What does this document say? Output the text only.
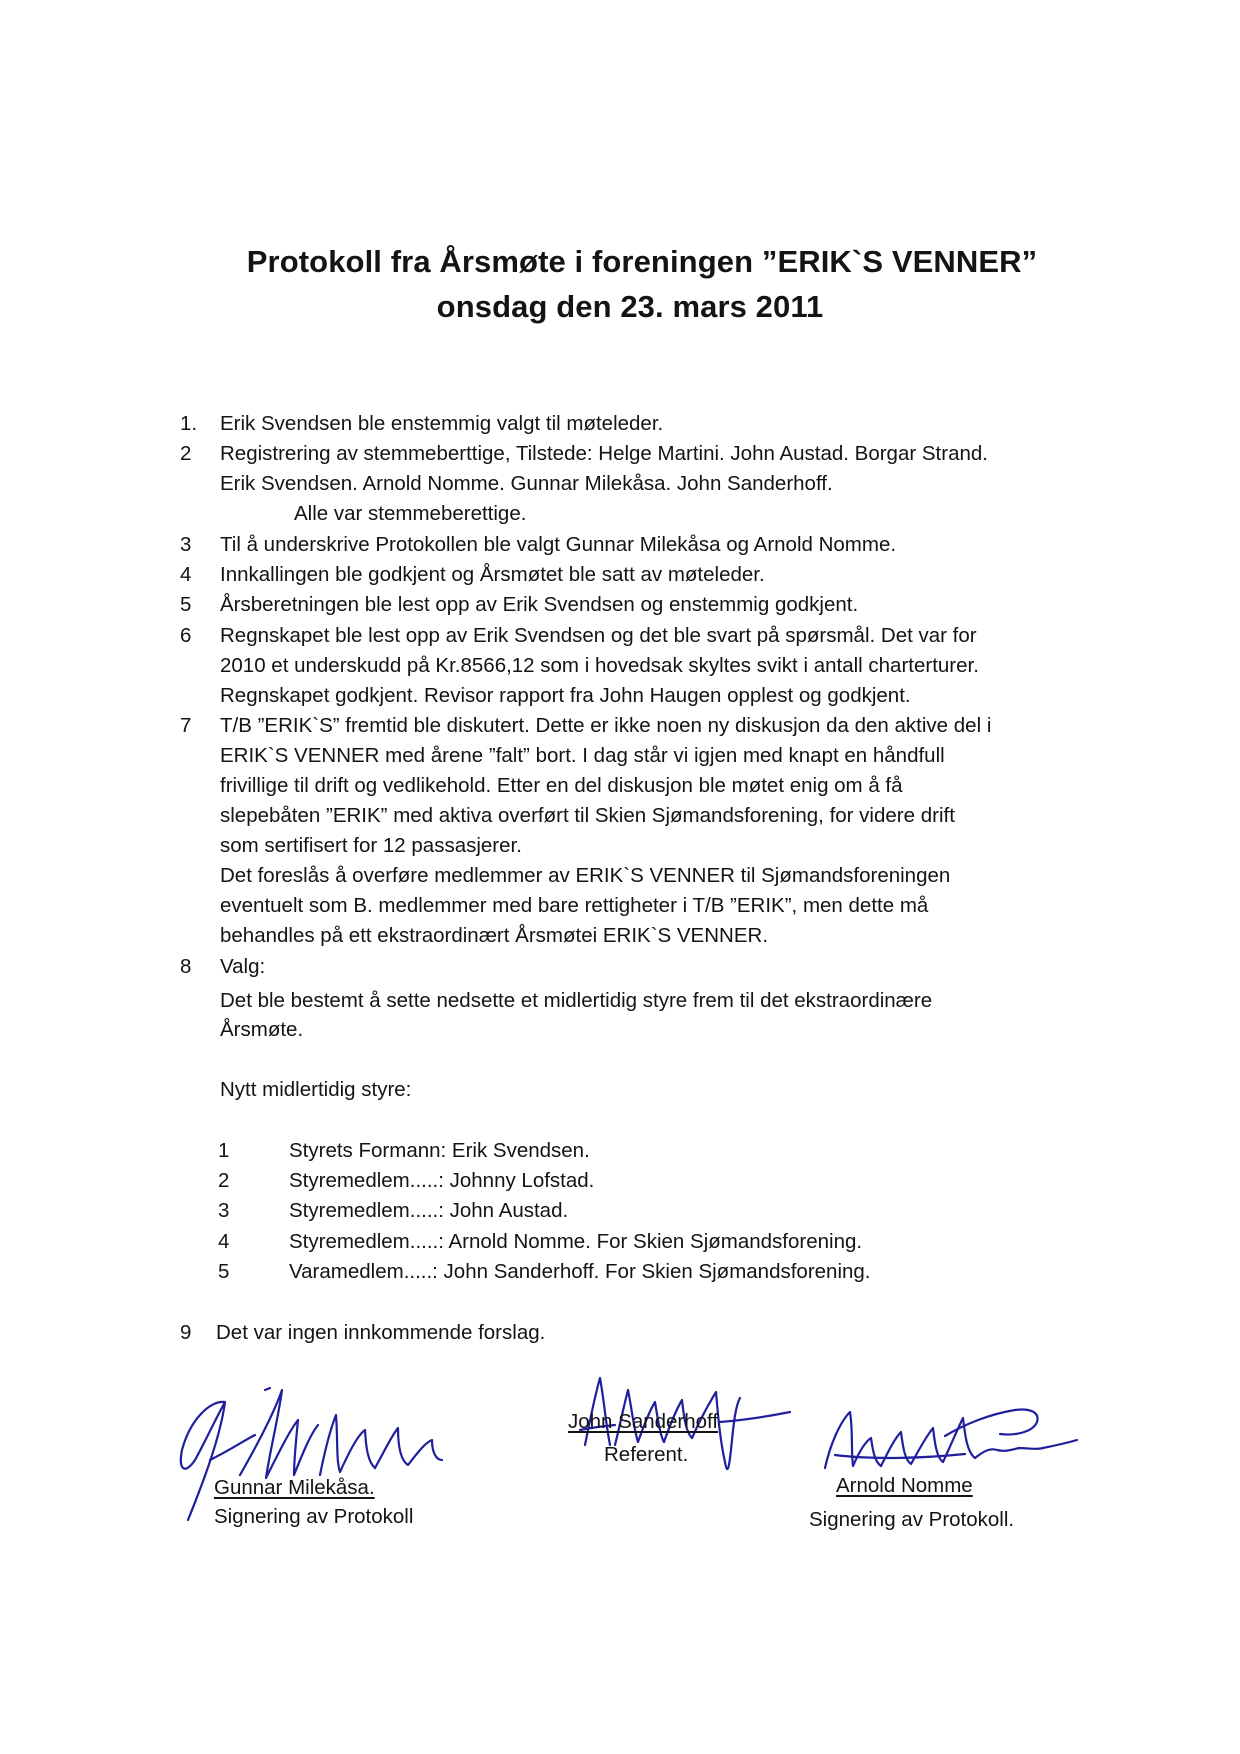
Protokoll fra Årsmøte i foreningen ”ERIK`S VENNER”
onsdag den 23. mars 2011
1. Erik Svendsen ble enstemmig valgt til møteleder.
2 Registrering av stemmeberttige, Tilstede: Helge Martini. John Austad. Borgar Strand.
Erik Svendsen. Arnold Nomme. Gunnar Milekåsa. John Sanderhoff.
Alle var stemmeberettige.
3 Til å underskrive Protokollen ble valgt Gunnar Milekåsa og Arnold Nomme.
4 Innkallingen ble godkjent og Årsmøtet ble satt av møteleder.
5 Årsberetningen ble lest opp av Erik Svendsen og enstemmig godkjent.
6 Regnskapet ble lest opp av Erik Svendsen og det ble svart på spørsmål. Det var for
2010 et underskudd på Kr.8566,12 som i hovedsak skyltes svikt i antall charterturer.
Regnskapet godkjent. Revisor rapport fra John Haugen opplest og godkjent.
7 T/B ”ERIK`S” fremtid ble diskutert. Dette er ikke noen ny diskusjon da den aktive del i
ERIK`S VENNER med årene ”falt” bort. I dag står vi igjen med knapt en håndfull
frivillige til drift og vedlikehold. Etter en del diskusjon ble møtet enig om å få
slepebåten ”ERIK” med aktiva overført til Skien Sjømandsforening, for videre drift
som sertifisert for 12 passasjerer.
Det foreslås å overføre medlemmer av ERIK`S VENNER til Sjømandsforeningen
eventuelt som B. medlemmer med bare rettigheter i T/B ”ERIK”, men dette må
behandles på ett ekstraordinært Årsmøtei ERIK`S VENNER.
8 Valg:
Det ble bestemt å sette nedsette et midlertidig styre frem til det ekstraordinære
Årsmøte.
Nytt midlertidig styre:
1	Styrets Formann: Erik Svendsen.
2	Styremedlem.....: Johnny Lofstad.
3	Styremedlem.....: John Austad.
4	Styremedlem.....: Arnold Nomme. For Skien Sjømandsforening.
5	Varamedlem.....: John Sanderhoff. For Skien Sjømandsforening.
9 Det var ingen innkommende forslag.
Gunnar Milekåsa.
Signering av Protokoll
John Sanderhoff
Referent.
Arnold Nomme
Signering av Protokoll.
